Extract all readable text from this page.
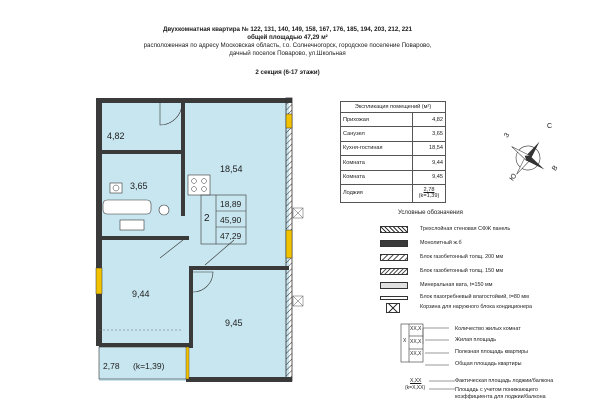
Двухкомнатная квартира № 122, 131, 140, 149, 158, 167, 176, 185, 194, 203, 212, 221
общей площадью 47,29 м²
расположенная по адресу Московская область, г.о. Солнечногорск, городское поселение Поварово,
дачный поселок Поварово, ул.Школьная
2 секция (6-17 этажи)
4,82
3,65
18,54
9,44
9,45
2,78 (k=1,39)
2
18,89
45,90
47,29
Экспликация помещений (м²)	
Прихожая	4,82
Санузел	3,65
Кухня-гостиная	18,54
Комната	9,44
Комната	9,45
Лоджия	2,78
(k=1,39)
С
З
Ю
В
Условные обозначения
Трехслойная стеновая СФЖ панель
Монолитный ж.б
Блок газобетонный толщ. 200 мм
Блок газобетонный толщ. 150 мм
Минеральная вата, t=150 мм
Блок пазогребневый влагостойкий, t=80 мм
Корзина для наружного блока кондиционера
X
XX,X
XX,X
XX,X
Количество жилых комнат
Жилая площадь
Полезная площадь квартиры
Общая площадь квартиры
X,XX
(k=X,XX)
Фактическая площадь лоджии/балкона
Площадь с учетом понижающего
коэффициента для лоджии/балкона
